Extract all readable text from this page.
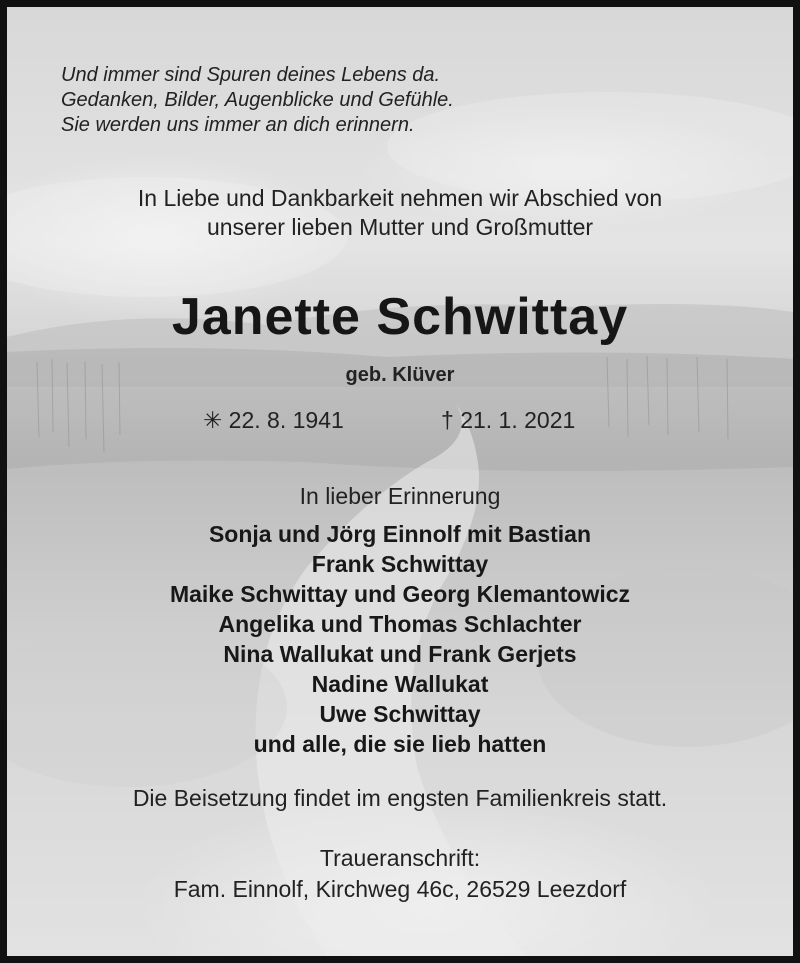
Und immer sind Spuren deines Lebens da.
Gedanken, Bilder, Augenblicke und Gefühle.
Sie werden uns immer an dich erinnern.
In Liebe und Dankbarkeit nehmen wir Abschied von
unserer lieben Mutter und Großmutter
Janette Schwittay
geb. Klüver
✳ 22. 8. 1941	† 21. 1. 2021
In lieber Erinnerung
Sonja und Jörg Einnolf mit Bastian
Frank Schwittay
Maike Schwittay und Georg Klemantowicz
Angelika und Thomas Schlachter
Nina Wallukat und Frank Gerjets
Nadine Wallukat
Uwe Schwittay
und alle, die sie lieb hatten
Die Beisetzung findet im engsten Familienkreis statt.
Traueranschrift:
Fam. Einnolf, Kirchweg 46c, 26529 Leezdorf
